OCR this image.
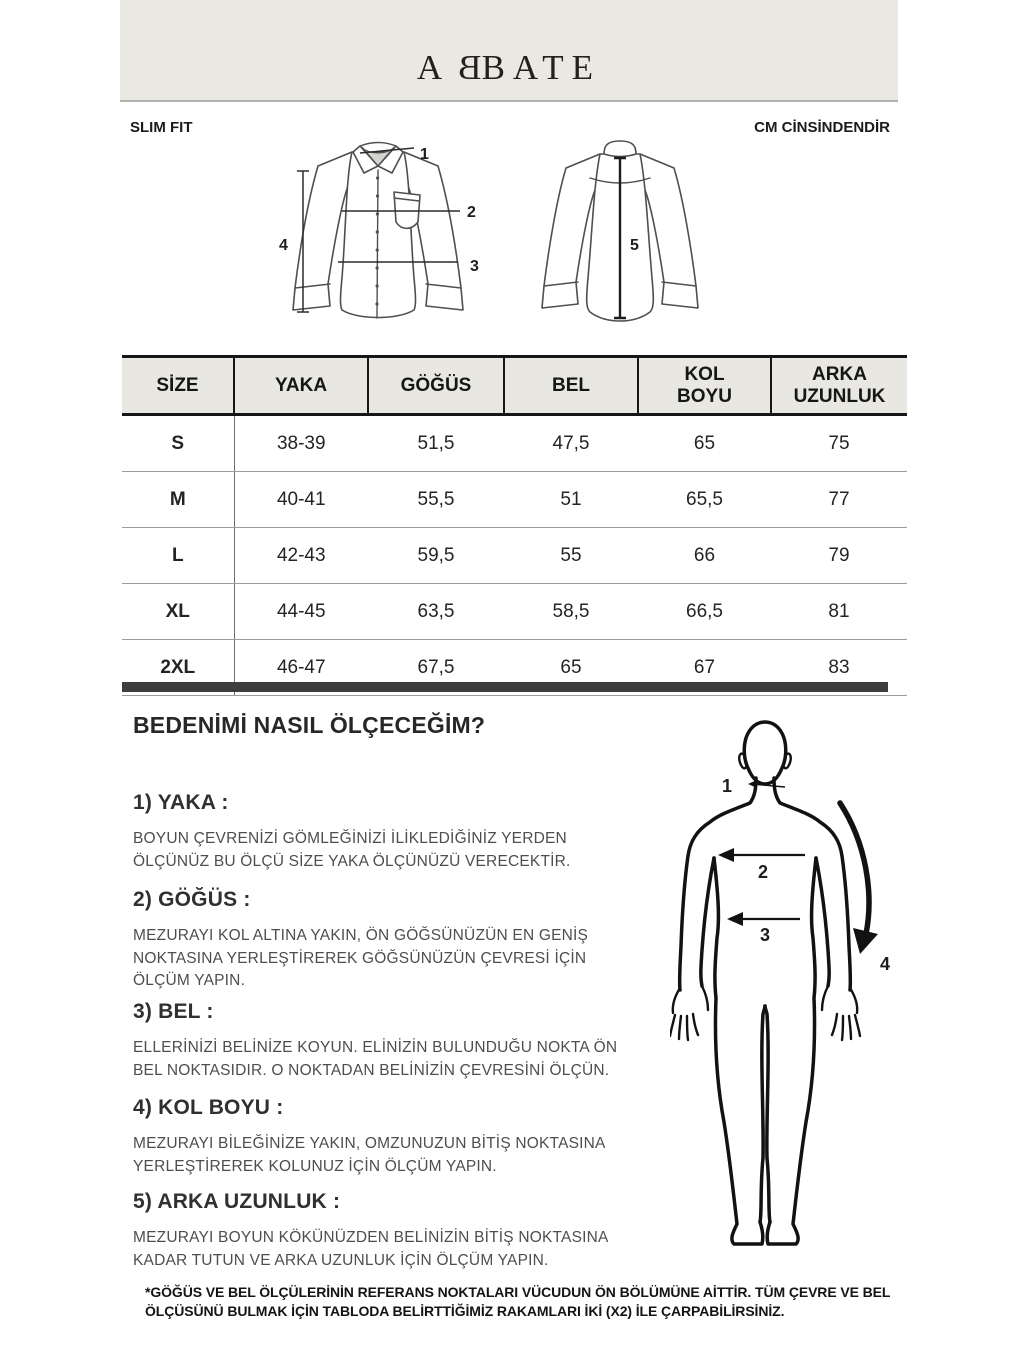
ABBATE
SLIM FIT	CM CİNSİNDENDİR
1
2
3
4	5
SİZE	YAKA	GÖĞÜS	BEL	KOL BOYU	ARKA UZUNLUK
S	38-39	51,5	47,5	65	75
M	40-41	55,5	51	65,5	77
L	42-43	59,5	55	66	79
XL	44-45	63,5	58,5	66,5	81
2XL	46-47	67,5	65	67	83
BEDENİMİ NASIL ÖLÇECEĞİM?
1) YAKA :

BOYUN ÇEVRENİZİ GÖMLEĞİNİZİ İLİKLEDİĞİNİZ YERDEN ÖLÇÜNÜZ BU ÖLÇÜ SİZE YAKA ÖLÇÜNÜZÜ VERECEKTİR.

2) GÖĞÜS :

MEZURAYI KOL ALTINA YAKIN, ÖN GÖĞSÜNÜZÜN EN GENİŞ NOKTASINA YERLEŞTİREREK GÖĞSÜNÜZÜN ÇEVRESİ İÇİN ÖLÇÜM YAPIN.

3) BEL :

ELLERİNİZİ BELİNİZE KOYUN. ELİNİZİN BULUNDUĞU NOKTA ÖN BEL NOKTASIDIR. O NOKTADAN BELİNİZİN ÇEVRESİNİ ÖLÇÜN.

4) KOL BOYU :

MEZURAYI BİLEĞİNİZE YAKIN, OMZUNUZUN BİTİŞ NOKTASINA YERLEŞTİREREK KOLUNUZ İÇİN ÖLÇÜM YAPIN.

5) ARKA UZUNLUK :

MEZURAYI BOYUN KÖKÜNÜZDEN BELİNİZİN BİTİŞ NOKTASINA KADAR TUTUN VE ARKA UZUNLUK İÇİN ÖLÇÜM YAPIN.

1
2
3
4
*GÖĞÜS VE BEL ÖLÇÜLERİNİN REFERANS NOKTALARI VÜCUDUN ÖN BÖLÜMÜNE AİTTİR. TÜM ÇEVRE VE BEL ÖLÇÜSÜNÜ BULMAK İÇİN TABLODA BELİRTTİĞİMİZ RAKAMLARI İKİ (X2) İLE ÇARPABİLİRSİNİZ.
